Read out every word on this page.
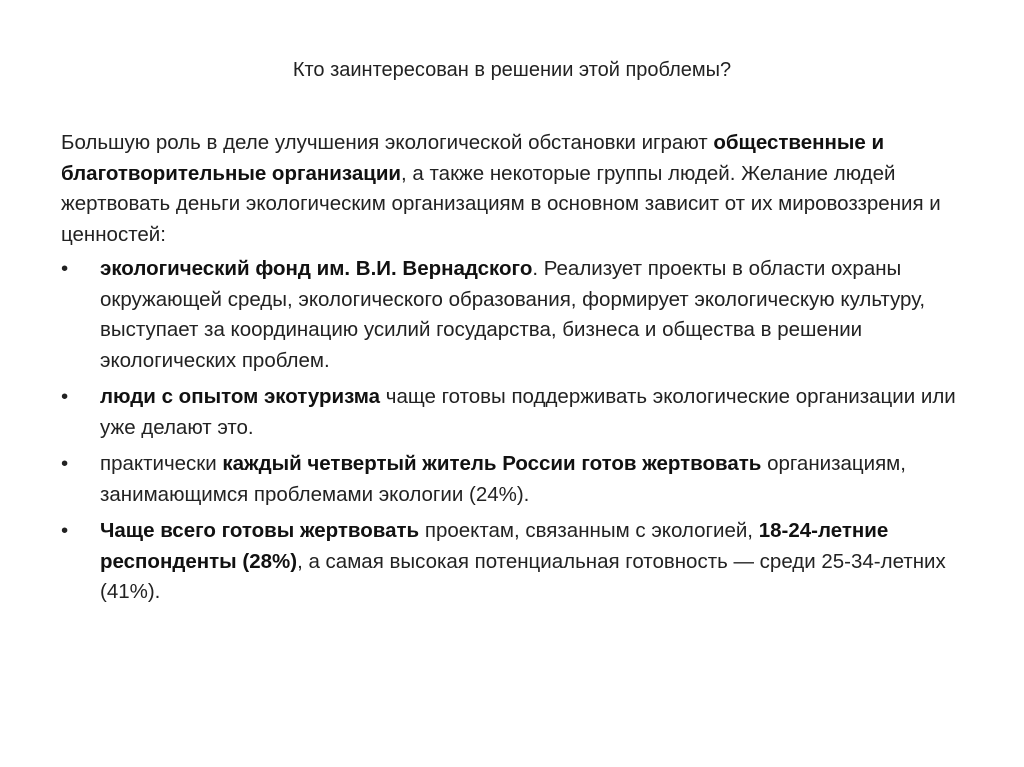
Кто заинтересован в решении этой проблемы?

Большую роль в деле улучшения экологической обстановки играют общественные и благотворительные организации, а также некоторые группы людей. Желание людей жертвовать деньги экологическим организациям в основном зависит от их мировоззрения и ценностей:

•	экологический фонд им. В.И. Вернадского. Реализует проекты в области охраны окружающей среды, экологического образования, формирует экологическую культуру, выступает за координацию усилий государства, бизнеса и общества в решении экологических проблем.
•	люди с опытом экотуризма чаще готовы поддерживать экологические организации или уже делают это.
•	практически каждый четвертый житель России готов жертвовать организациям, занимающимся проблемами экологии (24%).
•	Чаще всего готовы жертвовать проектам, связанным с экологией, 18-24-летние респонденты (28%), а самая высокая потенциальная готовность — среди 25-34-летних (41%).
